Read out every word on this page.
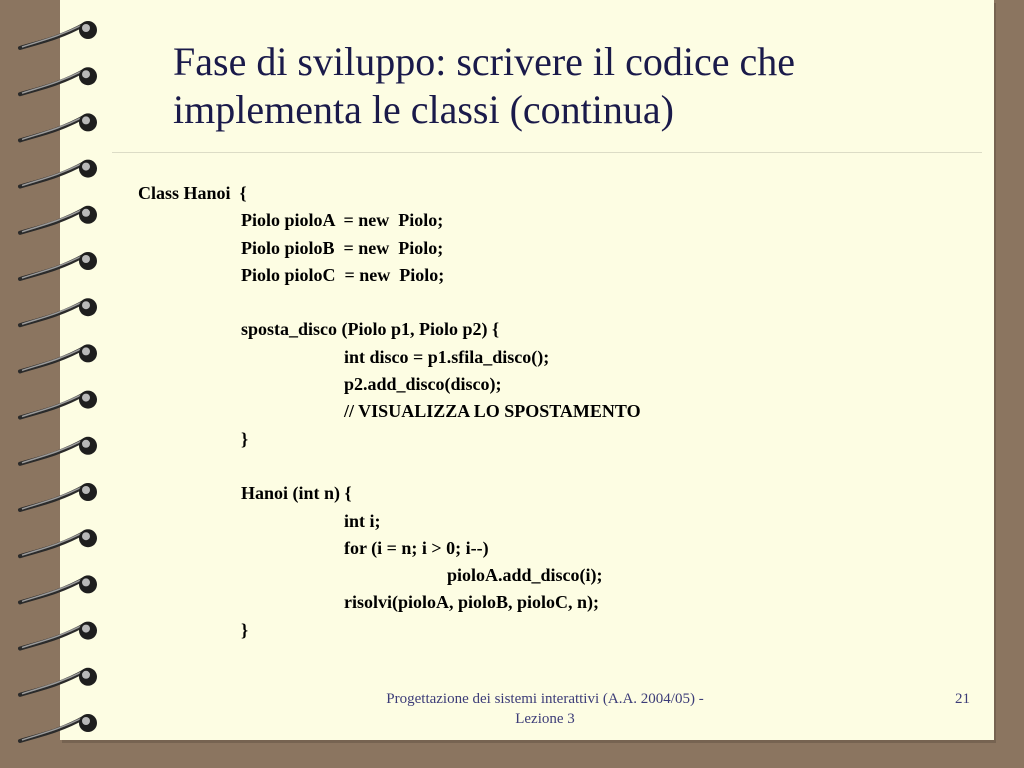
Fase di sviluppo: scrivere il codice che implementa le classi (continua)
Class Hanoi  {
Piolo pioloA  = new  Piolo;
Piolo pioloB  = new  Piolo;
Piolo pioloC  = new  Piolo;
sposta_disco (Piolo p1, Piolo p2) {
int disco = p1.sfila_disco();
p2.add_disco(disco);
// VISUALIZZA LO SPOSTAMENTO
}
Hanoi (int n) {
int i;
for (i = n; i > 0; i--)
pioloA.add_disco(i);
risolvi(pioloA, pioloB, pioloC, n);
}
Progettazione dei sistemi interattivi (A.A. 2004/05) - Lezione 3
21
